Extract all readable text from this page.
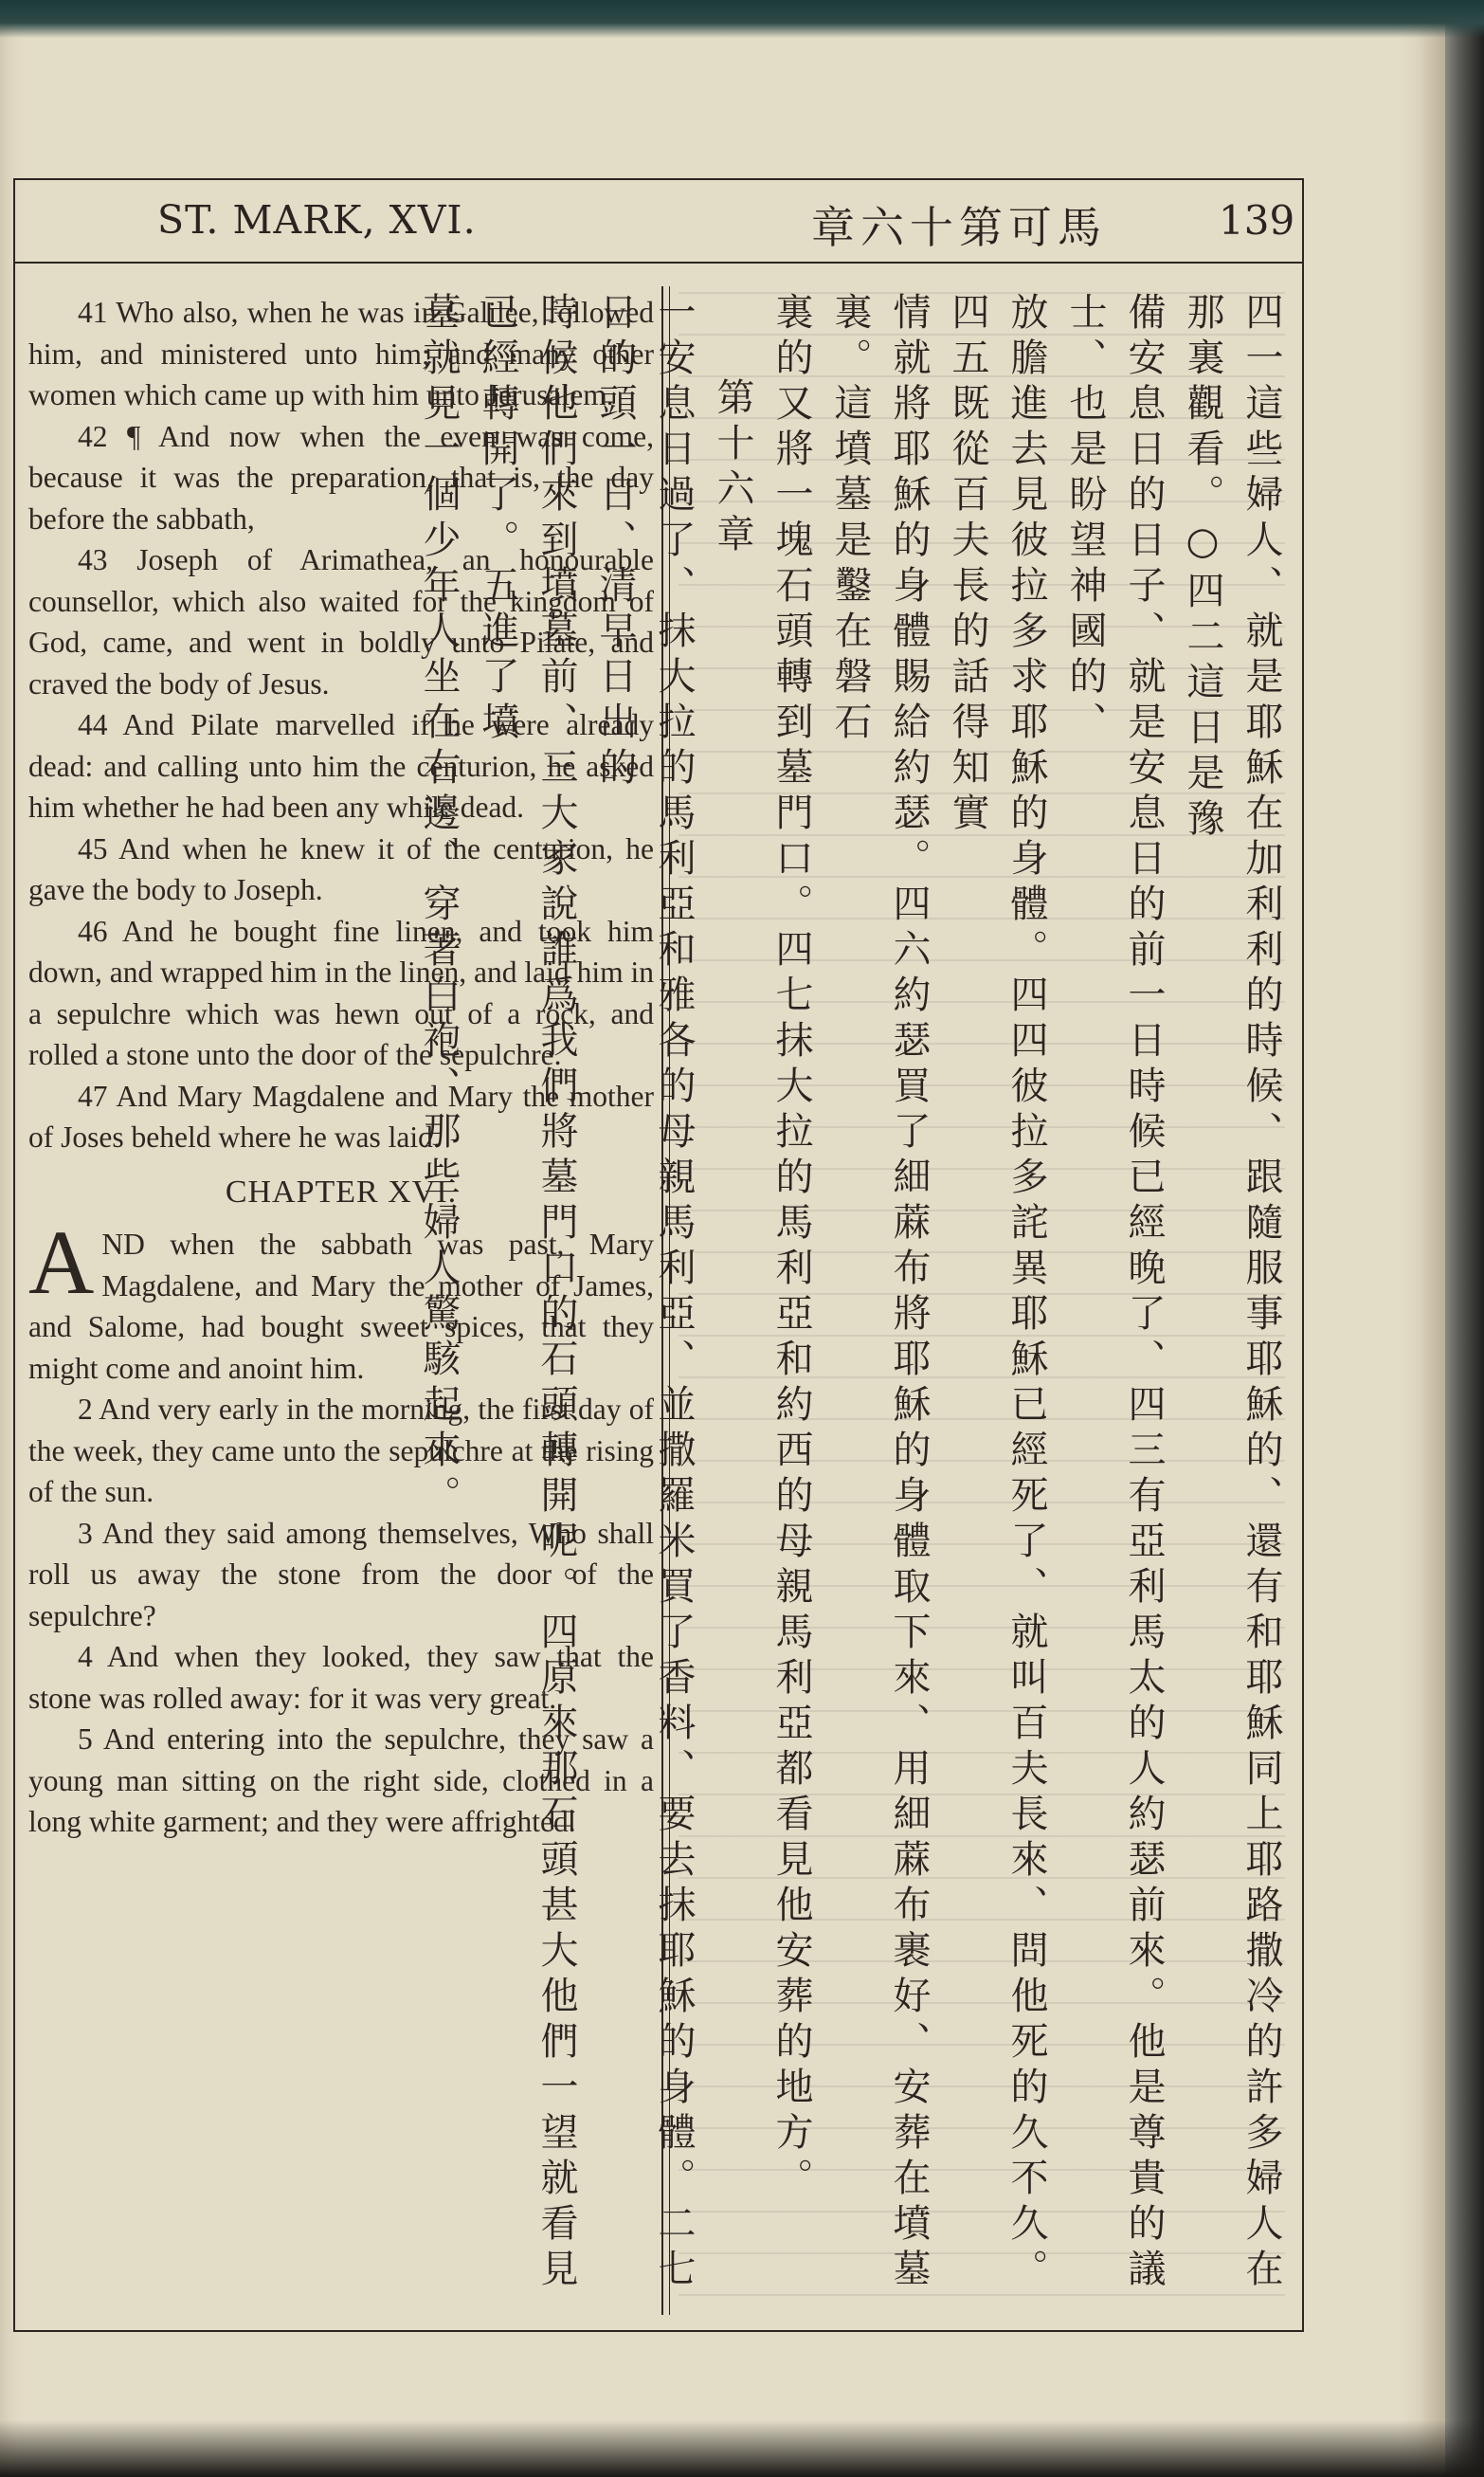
ST. MARK, XVI.	章六十第可馬	139

41 Who also, when he was in Galilee, followed him, and ministered unto him; and many other women which came up with him unto Jerusalem.

42 ¶ And now when the even was come, because it was the preparation, that is, the day before the sabbath,

43 Joseph of Arimathea, an honourable counsellor, which also waited for the kingdom of God, came, and went in boldly unto Pilate, and craved the body of Jesus.

44 And Pilate marvelled if he were already dead: and calling unto him the centurion, he asked him whether he had been any while dead.

45 And when he knew it of the centurion, he gave the body to Joseph.

46 And he bought fine linen, and took him down, and wrapped him in the linen, and laid him in a sepulchre which was hewn out of a rock, and rolled a stone unto the door of the sepulchre.

47 And Mary Magdalene and Mary the mother of Joses beheld where he was laid.

CHAPTER XVI.

AND when the sabbath was past, Mary Magdalene, and Mary the mother of James, and Salome, had bought sweet spices, that they might come and anoint him.

2 And very early in the morning, the first day of the week, they came unto the sepulchre at the rising of the sun.

3 And they said among themselves, Who shall roll us away the stone from the door of the sepulchre?

4 And when they looked, they saw that the stone was rolled away: for it was very great.

5 And entering into the sepulchre, they saw a young man sitting on the right side, clothed in a long white garment; and they were affrighted.	四一這些婦人、就是耶穌在加利利的時候、跟隨服事耶穌的、還有和耶穌同上耶路撒冷的許多婦人在那裏觀看。○四二這日是豫
備安息日的日子、就是安息日的前一日時候已經晚了、四三有亞利馬太的人約瑟前來。他是尊貴的議士、也是盼望神國的、
放膽進去見彼拉多求耶穌的身體。四四彼拉多詫異耶穌已經死了、就叫百夫長來、問他死的久不久。四五既從百夫長的話得知實
情就將耶穌的身體賜給約瑟。四六約瑟買了細蔴布將耶穌的身體取下來、用細蔴布裹好、安葬在墳墓裏。這墳墓是鑿在磐石
裏的又將一塊石頭轉到墓門口。四七抹大拉的馬利亞和約西的母親馬利亞都看見他安葬的地方。
第十六章
一安息日過了、抹大拉的馬利亞和雅各的母親馬利亞、並撒羅米買了香料、要去抹耶穌的身體。二七日的頭一日、清早日出的
時候他們來到墳墓前、三大家說誰爲我們將墓門口的石頭轉開呢。四原來那石頭甚大他們一望就看見已經轉開了。五進了墳
墓就見一個少年人坐在右邊、穿著白袍、那些婦人驚駭起來。
